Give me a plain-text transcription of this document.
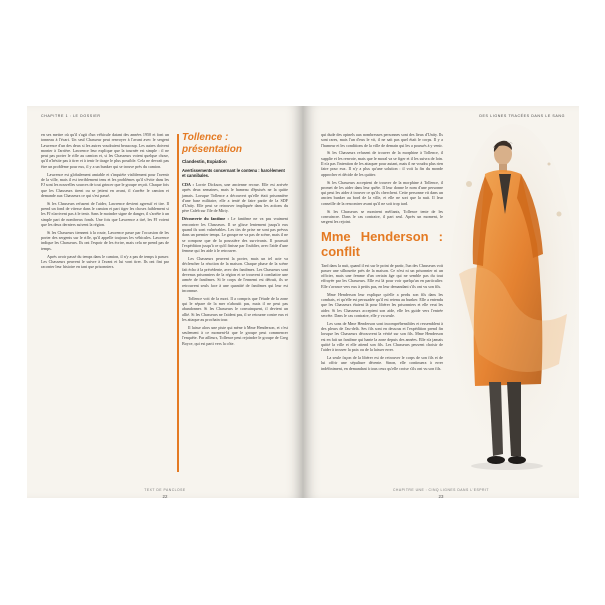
CHAPITRE 1 : LE DOSSIER

en ses mettre où qu'il s'agit d'un véhicule datant des années 1950 et font un tonneau à l'écart. Un seul Chasseur peut renvoyer à l'avant avec le sergent Lawrence d'un des deux si les autres voudraient beaucoup. Les autres doivent monter à l'arrière. Lawrence leur explique que la tournée est simple : il ne peut pas porter le rifle au camion et, si les Chasseurs voient quelque chose, qu'il n'hésite pas à tirer et à tenir le tirage le plus possible. Cela ne devrait pas être un problème pour eux, il y a un bunker qui se trouve près du camion.

Lawrence est globalement amiable et s'inquiète visiblement pour l'avenir de la ville, mais il est terriblement tenu et les problèmes qu'il s'évite dans les FJ sont les nouvelles sources de tout grincer que le groupe reçoit. Chaque fois que les Chasseurs tirent ou se jettent en avant, il s'arrête le camion et demande aux Chasseurs ce qui s'est passé.

Si les Chasseurs refusent de l'aider, Lawrence devient agressif et tire. Il prend un fond de vitesse dans le camion et part tiger les choses faiblement si les FJ n'arrivent pas à le tenir. Sans le moindre signe de danger, il s'arrête à un simple pari de nombreux fonds. Une fois que Lawrence a tiré, les FJ voient que les deux derniers suivent la région.

Si les Chasseurs tiennent à la route, Lawrence passe par l'occasion de les porter des sergents sur le rifle, qu'il appelle toujours les véhicules. Lawrence indique les Chasseurs. Ils ont l'espoir de les écrire, mais cela ne prend pas de temps.

Après avoir passé du temps dans le camion, il n'y a pas de temps à passer. Les Chasseurs peuvent le suivre à l'avant et lui vont tirer. Ils ont fini par raconter leur histoire en tant que prisonniers.

Tollence : présentation
Clandestin, Expiation
Avertissements concernant le contenu : harcèlement et cannibales.

CDA : Lorrie Dickson, une ancienne recrue. Elle est arrivée après deux semaines, mais le hameau d'épuisés ne la quitte jamais. Lorsque Tollence a découvert qu'elle était prisonnière d'une base militaire, elle a tenté de faire partie de la SDF d'Unity. Elle peut se retrouver impliquée dans les actions du père Caleb sur l'ile de Mirty.

Découverte du fantôme : Le fantôme ne va pas vraiment rencontrer les Chasseurs. Il se glisse lentement jusqu'à eux quand ils sont vulnérables. Les tirs de prise ne sont pas prévus dans un premier temps. Le groupe ne va pas de scène, mais il ne se compose que de la poussière des survivants. Il poursuit l'expédition jusqu'à ce qu'il finisse par l'oublier, avec l'aide d'une femme qui les aide à le retrouver.

Les Chasseurs peuvent la porter, mais un tel acte va déclencher la réaction de la maison. Chaque phase de la scène fait écho à la précédente, avec des fantômes. Les Chasseurs sont devenus prisonniers de la région et se trouvent à combattre une armée de fantômes. Si le corps de l'ennemi est détruit, ils se retrouvent seuls face à une quantité de fantômes qui leur est inconnue.

Tollence voit de la mort. Il a compris que l'étude de la zone qui le sépare de la mer n'aboutit pas, mais il ne peut pas abandonner. Si les Chasseurs le convainquent, il devient un allié. Si les Chasseurs ne l'aident pas, il se retourne contre eux et les attaque au prochain tour.

Il laisse alors une piste qui mène à Mme Henderson, et c'est seulement à ce moment-là que le groupe peut commencer l'enquête. Par ailleurs, Tollence peut rejoindre le groupe de Greg Boyce, qui est parti vers la côte.

TEXT DE PANCLOSE
22
DES LIGNES TRACÉES DANS LE SANG

qui dude des opinels aux nombreuses personnes sont des lieux d'Unity. Ils sont rares, mais l'un d'eux le vit, il ne sait pas quel était le corps. Il y a l'humeur et les conditions de la ville de demain qui les a poussés à y venir.

Si les Chasseurs refusent de trouver de la morphine à Tollence, il supplie et les renvoie, mais que le moral va se figer et il les suivra de loin. Il n'a pas l'intention de les attaquer pour autant, mais il ne voudra plus rien faire pour eux. Il n'y a plus qu'une solution : il voit la fin du monde approcher et décide de les quitter.

Si les Chasseurs acceptent de trouver de la morphine à Tollence, il promet de les aider dans leur quête. Il leur donne le nom d'une personne qui peut les aider à trouver ce qu'ils cherchent. Cette personne vit dans un ancien bunker au bord de la ville, et elle ne sort que la nuit. Il leur conseille de la rencontrer avant qu'il ne soit trop tard.

Si les Chasseurs se montrent méfiants, Tollence tente de les convaincre. Dans le cas contraire, il part seul. Après un moment, le sergent les rejoint.

Mme Henderson : conflit

Tard dans la nuit, quand il est sur le point de partir, l'un des Chasseurs voit passer une silhouette près de la maison. Ce n'est ni un prisonnier ni un officier, mais une femme d'un certain âge qui ne semble pas du tout effrayée par les Chasseurs. Elle est là pour voir quelqu'un en particulier. Elle s'avance vers eux à petits pas, en leur demandant s'ils ont vu son fils.

Mme Henderson leur explique qu'elle a perdu son fils dans les combats, et qu'elle est persuadée qu'il est retenu au bunker. Elle a entendu que les Chasseurs étaient là pour libérer les prisonniers et elle veut les aider. Si les Chasseurs acceptent son aide, elle les guide vers l'entrée secrète. Dans le cas contraire, elle y va seule.

Les sons de Mme Henderson sont incompréhensibles et ressemblent à des pleurs de l'au-delà. Ses fils sont en dessous et l'expédition prend fin lorsque les Chasseurs découvrent la vérité sur son fils. Mme Henderson est en fait un fantôme qui hante la zone depuis des années. Elle n'a jamais quitté la ville et elle attend son fils. Les Chasseurs peuvent choisir de l'aider à trouver la paix ou de la laisser errer.

La seule façon de la libérer est de retrouver le corps de son fils et de lui offrir une sépulture décente. Sinon, elle continuera à errer indéfiniment, en demandant à tous ceux qu'elle croise s'ils ont vu son fils.

CHAPITRE UNE : CINQ LIGNES DANS L'ESPRIT
23
